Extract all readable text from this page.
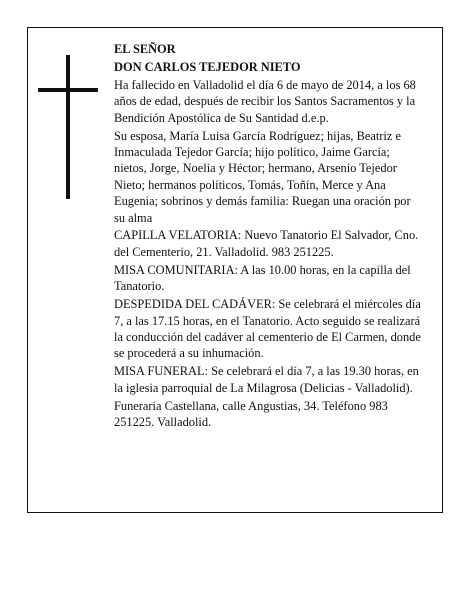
EL SEÑOR

DON CARLOS TEJEDOR NIETO

Ha fallecido en Valladolid el día 6 de mayo de 2014, a los 68 años de edad, después de recibir los Santos Sacramentos y la Bendición Apostólica de Su Santidad d.e.p.

Su esposa, María Luisa García Rodríguez; hijas, Beatriz e Inmaculada Tejedor García; hijo político, Jaime García; nietos, Jorge, Noelia y Héctor; hermano, Arsenio Tejedor Nieto; hermanos políticos, Tomás, Toñín, Merce y Ana Eugenia; sobrinos y demás familia: Ruegan una oración por su alma

CAPILLA VELATORIA: Nuevo Tanatorio El Salvador, Cno. del Cementerio, 21. Valladolid. 983 251225.

MISA COMUNITARIA: A las 10.00 horas, en la capilla del Tanatorio.

DESPEDIDA DEL CADÁVER: Se celebrará el miércoles día 7, a las 17.15 horas, en el Tanatorio. Acto seguido se realizará la conducción del cadáver al cementerio de El Carmen, donde se procederá a su inhumación.

MISA FUNERAL: Se celebrará el día 7, a las 19.30 horas, en la iglesia parroquial de La Milagrosa (Delicias - Valladolid).

Funeraria Castellana, calle Angustias, 34. Teléfono 983 251225. Valladolid.
